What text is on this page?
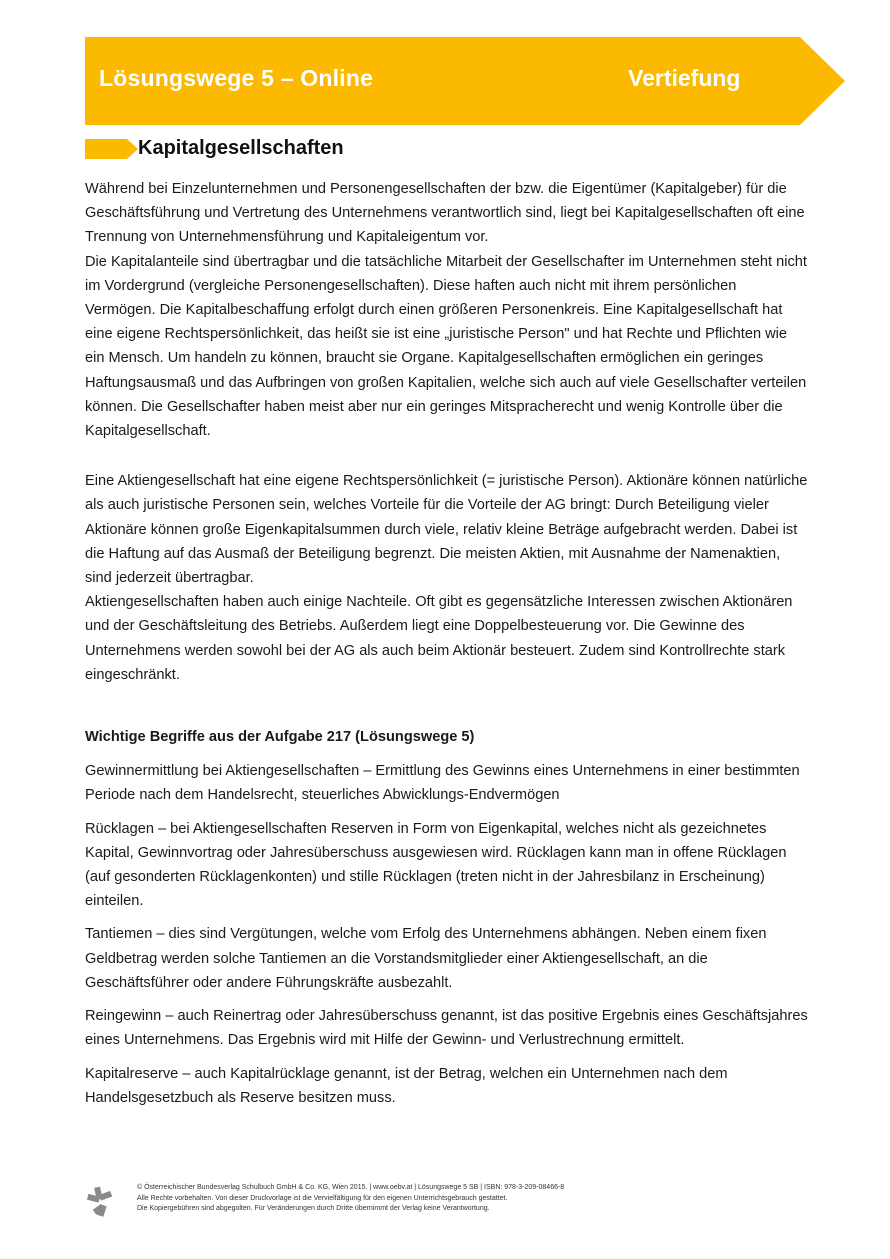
Lösungswege 5 – Online	Vertiefung
Kapitalgesellschaften

Während bei Einzelunternehmen und Personengesellschaften der bzw. die Eigentümer (Kapitalgeber) für die Geschäftsführung und Vertretung des Unternehmens verantwortlich sind, liegt bei Kapitalgesellschaften oft eine Trennung von Unternehmensführung und Kapitaleigentum vor.

Die Kapitalanteile sind übertragbar und die tatsächliche Mitarbeit der Gesellschafter im Unternehmen steht nicht im Vordergrund (vergleiche Personengesellschaften). Diese haften auch nicht mit ihrem persönlichen Vermögen. Die Kapitalbeschaffung erfolgt durch einen größeren Personenkreis. Eine Kapitalgesellschaft hat eine eigene Rechtspersönlichkeit, das heißt sie ist eine „juristische Person" und hat Rechte und Pflichten wie ein Mensch. Um handeln zu können, braucht sie Organe. Kapitalgesellschaften ermöglichen ein geringes Haftungsausmaß und das Aufbringen von großen Kapitalien, welche sich auch auf viele Gesellschafter verteilen können. Die Gesellschafter haben meist aber nur ein geringes Mitspracherecht und wenig Kontrolle über die Kapitalgesellschaft.

Eine Aktiengesellschaft hat eine eigene Rechtspersönlichkeit (= juristische Person). Aktionäre können natürliche als auch juristische Personen sein, welches Vorteile für die Vorteile der AG bringt: Durch Beteiligung vieler Aktionäre können große Eigenkapitalsummen durch viele, relativ kleine Beträge aufgebracht werden. Dabei ist die Haftung auf das Ausmaß der Beteiligung begrenzt. Die meisten Aktien, mit Ausnahme der Namenaktien, sind jederzeit übertragbar.

Aktiengesellschaften haben auch einige Nachteile. Oft gibt es gegensätzliche Interessen zwischen Aktionären und der Geschäftsleitung des Betriebs. Außerdem liegt eine Doppelbesteuerung vor. Die Gewinne des Unternehmens werden sowohl bei der AG als auch beim Aktionär besteuert. Zudem sind Kontrollrechte stark eingeschränkt.

Wichtige Begriffe aus der Aufgabe 217 (Lösungswege 5)

Gewinnermittlung bei Aktiengesellschaften – Ermittlung des Gewinns eines Unternehmens in einer bestimmten Periode nach dem Handelsrecht, steuerliches Abwicklungs-Endvermögen

Rücklagen – bei Aktiengesellschaften Reserven in Form von Eigenkapital, welches nicht als gezeichnetes Kapital, Gewinnvortrag oder Jahresüberschuss ausgewiesen wird. Rücklagen kann man in offene Rücklagen (auf gesonderten Rücklagenkonten) und stille Rücklagen (treten nicht in der Jahresbilanz in Erscheinung) einteilen.

Tantiemen – dies sind Vergütungen, welche vom Erfolg des Unternehmens abhängen. Neben einem fixen Geldbetrag werden solche Tantiemen an die Vorstandsmitglieder einer Aktiengesellschaft, an die Geschäftsführer oder andere Führungskräfte ausbezahlt.

Reingewinn – auch Reinertrag oder Jahresüberschuss genannt, ist das positive Ergebnis eines Geschäftsjahres eines Unternehmens. Das Ergebnis wird mit Hilfe der Gewinn- und Verlustrechnung ermittelt.

Kapitalreserve – auch Kapitalrücklage genannt, ist der Betrag, welchen ein Unternehmen nach dem Handelsgesetzbuch als Reserve besitzen muss.

© Österreichischer Bundesverlag Schulbuch GmbH & Co. KG, Wien 2015. | www.oebv.at | Lösungswege 5 SB | ISBN: 978-3-209-08466-8
Alle Rechte vorbehalten. Von dieser Druckvorlage ist die Vervielfältigung für den eigenen Unterrichtsgebrauch gestattet.
Die Kopiergebühren sind abgegolten. Für Veränderungen durch Dritte übernimmt der Verlag keine Verantwortung.
